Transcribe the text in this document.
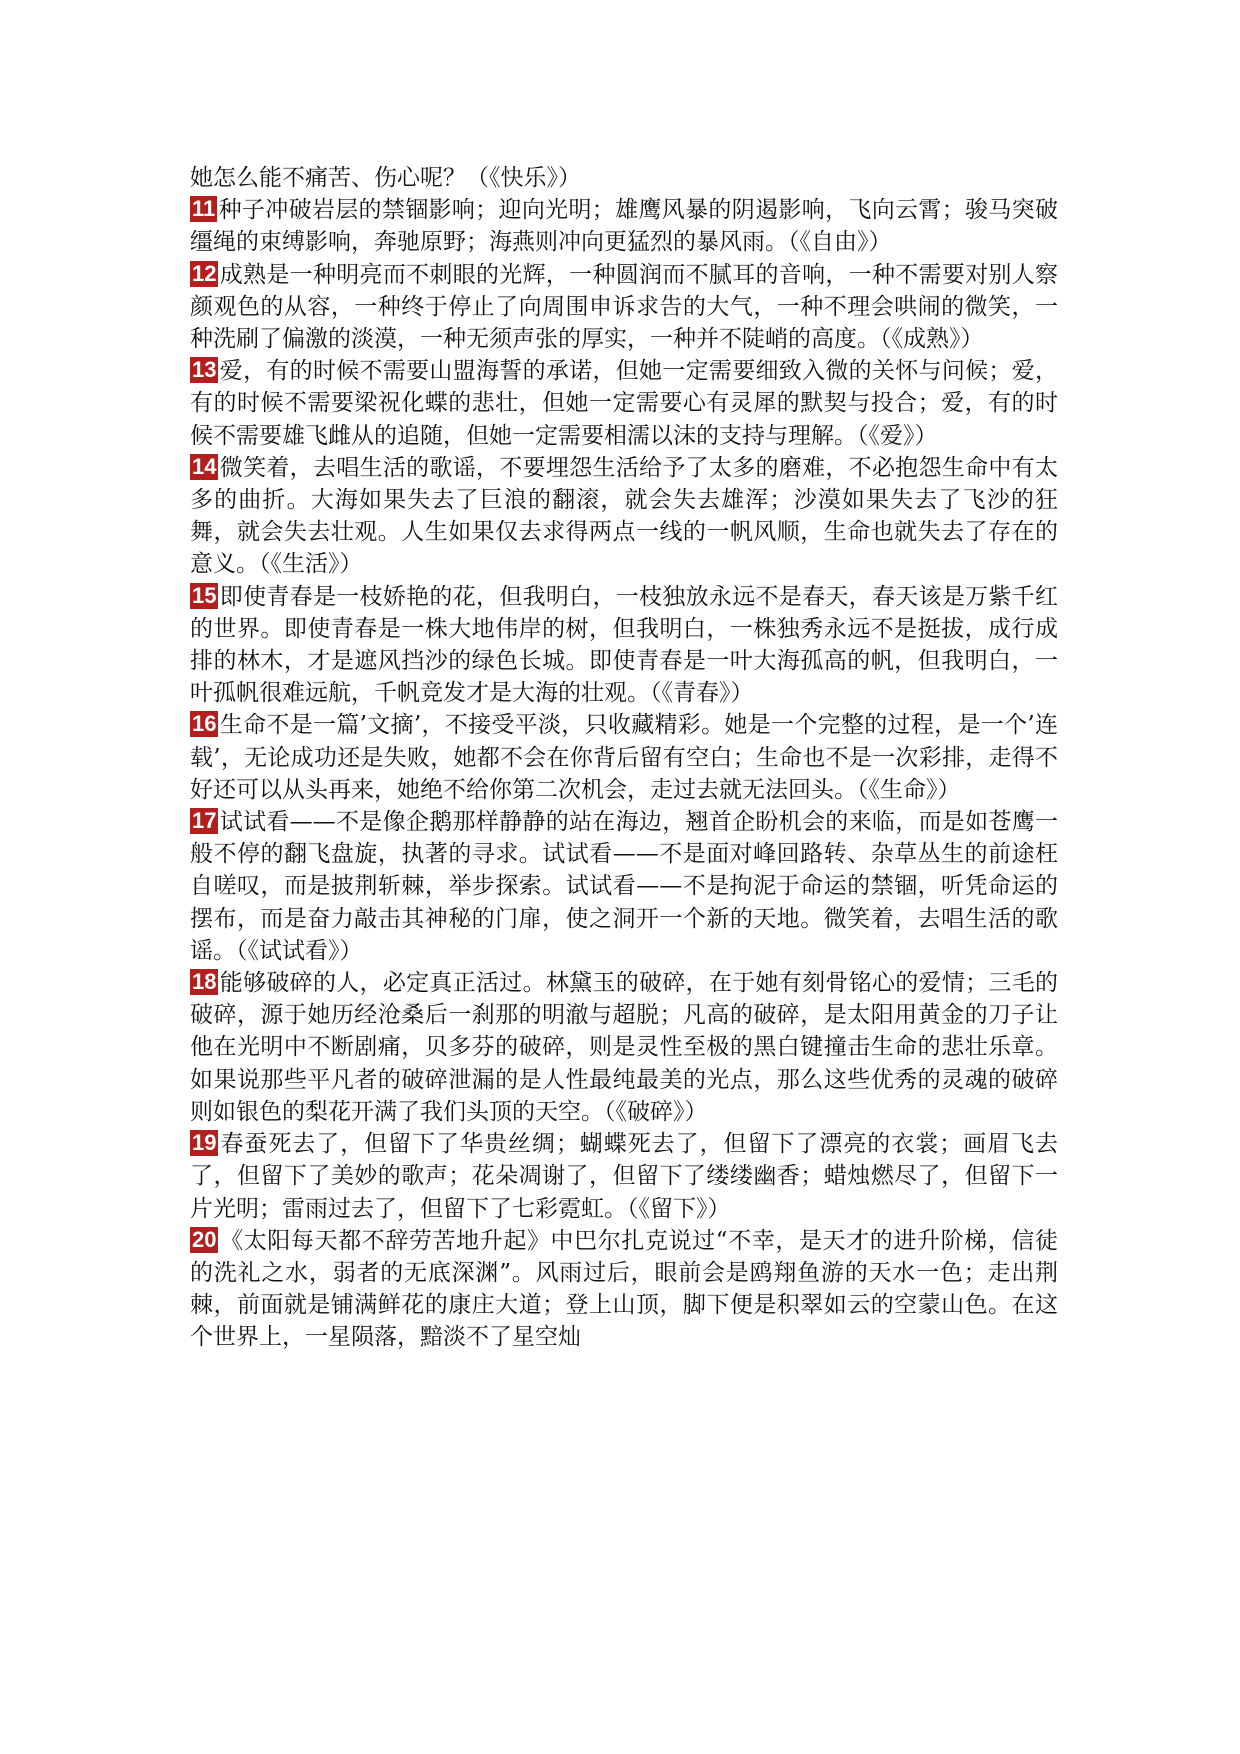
她怎么能不痛苦、伤心呢？（《快乐》）

11 种子冲破岩层的禁锢影响；迎向光明；雄鹰风暴的阴遏影响，飞向云霄；骏马突破缰绳的束缚影响，奔驰原野；海燕则冲向更猛烈的暴风雨。（《自由》）

12 成熟是一种明亮而不刺眼的光辉，一种圆润而不腻耳的音响，一种不需要对别人察颜观色的从容，一种终于停止了向周围申诉求告的大气，一种不理会哄闹的微笑，一种洗刷了偏激的淡漠，一种无须声张的厚实，一种并不陡峭的高度。（《成熟》）

13 爱，有的时候不需要山盟海誓的承诺，但她一定需要细致入微的关怀与问候；爱，有的时候不需要梁祝化蝶的悲壮，但她一定需要心有灵犀的默契与投合；爱，有的时候不需要雄飞雌从的追随，但她一定需要相濡以沫的支持与理解。（《爱》）

14 微笑着，去唱生活的歌谣，不要埋怨生活给予了太多的磨难，不必抱怨生命中有太多的曲折。大海如果失去了巨浪的翻滚，就会失去雄浑；沙漠如果失去了飞沙的狂舞，就会失去壮观。人生如果仅去求得两点一线的一帆风顺，生命也就失去了存在的意义。（《生活》）

15 即使青春是一枝娇艳的花，但我明白，一枝独放永远不是春天，春天该是万紫千红的世界。即使青春是一株大地伟岸的树，但我明白，一株独秀永远不是挺拔，成行成排的林木，才是遮风挡沙的绿色长城。即使青春是一叶大海孤高的帆，但我明白，一叶孤帆很难远航，千帆竞发才是大海的壮观。（《青春》）

16 生命不是一篇’文摘’，不接受平淡，只收藏精彩。她是一个完整的过程，是一个’连载’，无论成功还是失败，她都不会在你背后留有空白；生命也不是一次彩排，走得不好还可以从头再来，她绝不给你第二次机会，走过去就无法回头。（《生命》）

17 试试看——不是像企鹅那样静静的站在海边，翘首企盼机会的来临，而是如苍鹰一般不停的翻飞盘旋，执著的寻求。试试看——不是面对峰回路转、杂草丛生的前途枉自嗟叹，而是披荆斩棘，举步探索。试试看——不是拘泥于命运的禁锢，听凭命运的摆布，而是奋力敲击其神秘的门扉，使之洞开一个新的天地。微笑着，去唱生活的歌谣。（《试试看》）

18 能够破碎的人，必定真正活过。林黛玉的破碎，在于她有刻骨铭心的爱情；三毛的破碎，源于她历经沧桑后一刹那的明澈与超脱；凡高的破碎，是太阳用黄金的刀子让他在光明中不断剧痛，贝多芬的破碎，则是灵性至极的黑白键撞击生命的悲壮乐章。如果说那些平凡者的破碎泄漏的是人性最纯最美的光点，那么这些优秀的灵魂的破碎则如银色的梨花开满了我们头顶的天空。（《破碎》）

19 春蚕死去了，但留下了华贵丝绸；蝴蝶死去了，但留下了漂亮的衣裳；画眉飞去了，但留下了美妙的歌声；花朵凋谢了，但留下了缕缕幽香；蜡烛燃尽了，但留下一片光明；雷雨过去了，但留下了七彩霓虹。（《留下》）

20 《太阳每天都不辞劳苦地升起》中巴尔扎克说过“不幸，是天才的进升阶梯，信徒的洗礼之水，弱者的无底深渊”。风雨过后，眼前会是鸥翔鱼游的天水一色；走出荆棘，前面就是铺满鲜花的康庄大道；登上山顶，脚下便是积翠如云的空蒙山色。在这个世界上，一星陨落，黯淡不了星空灿
